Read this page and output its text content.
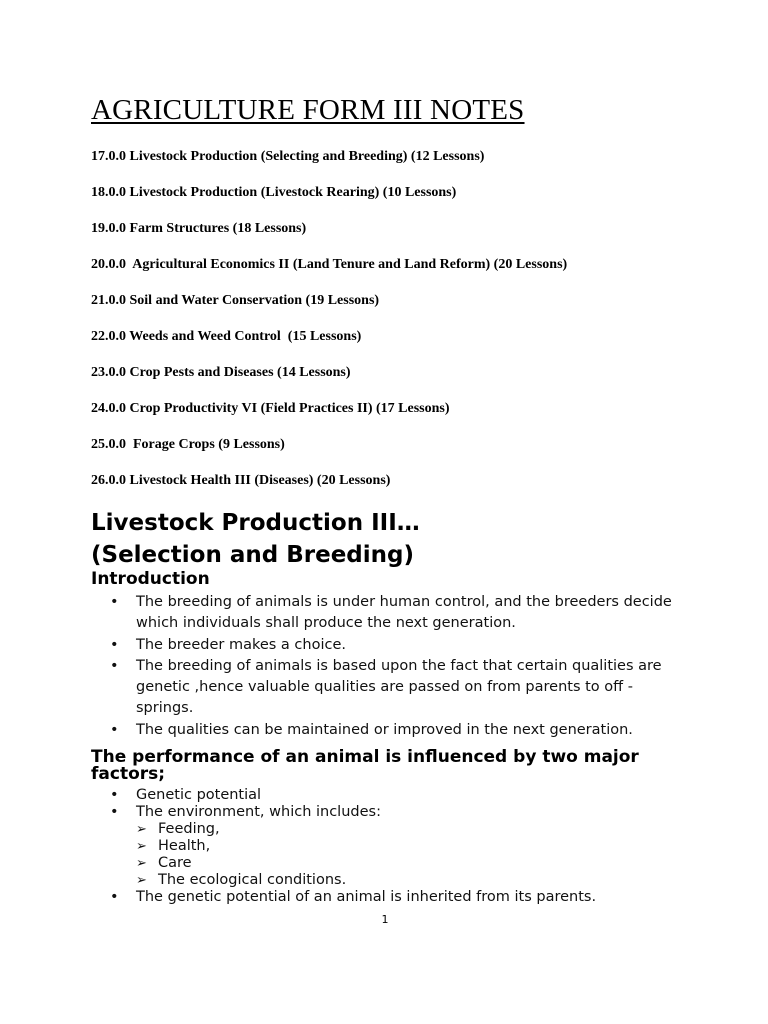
AGRICULTURE FORM III NOTES
17.0.0 Livestock Production (Selecting and Breeding) (12 Lessons)
18.0.0 Livestock Production (Livestock Rearing) (10 Lessons)
19.0.0 Farm Structures (18 Lessons)
20.0.0  Agricultural Economics II (Land Tenure and Land Reform) (20 Lessons)
21.0.0 Soil and Water Conservation (19 Lessons)
22.0.0 Weeds and Weed Control  (15 Lessons)
23.0.0 Crop Pests and Diseases (14 Lessons)
24.0.0 Crop Productivity VI (Field Practices II) (17 Lessons)
25.0.0  Forage Crops (9 Lessons)
26.0.0 Livestock Health III (Diseases) (20 Lessons)
Livestock Production III…
(Selection and Breeding)
Introduction
• The breeding of animals is under human control, and the breeders decide which individuals shall produce the next generation.
• The breeder makes a choice.
• The breeding of animals is based upon the fact that certain qualities are genetic ,hence valuable qualities are passed on from parents to off -springs.
• The qualities can be maintained or improved in the next generation.
The performance of an animal is influenced by two major factors;
• Genetic potential
• The environment, which includes:
➢ Feeding,
➢ Health,
➢ Care
➢ The ecological conditions.
• The genetic potential of an animal is inherited from its parents.
1
